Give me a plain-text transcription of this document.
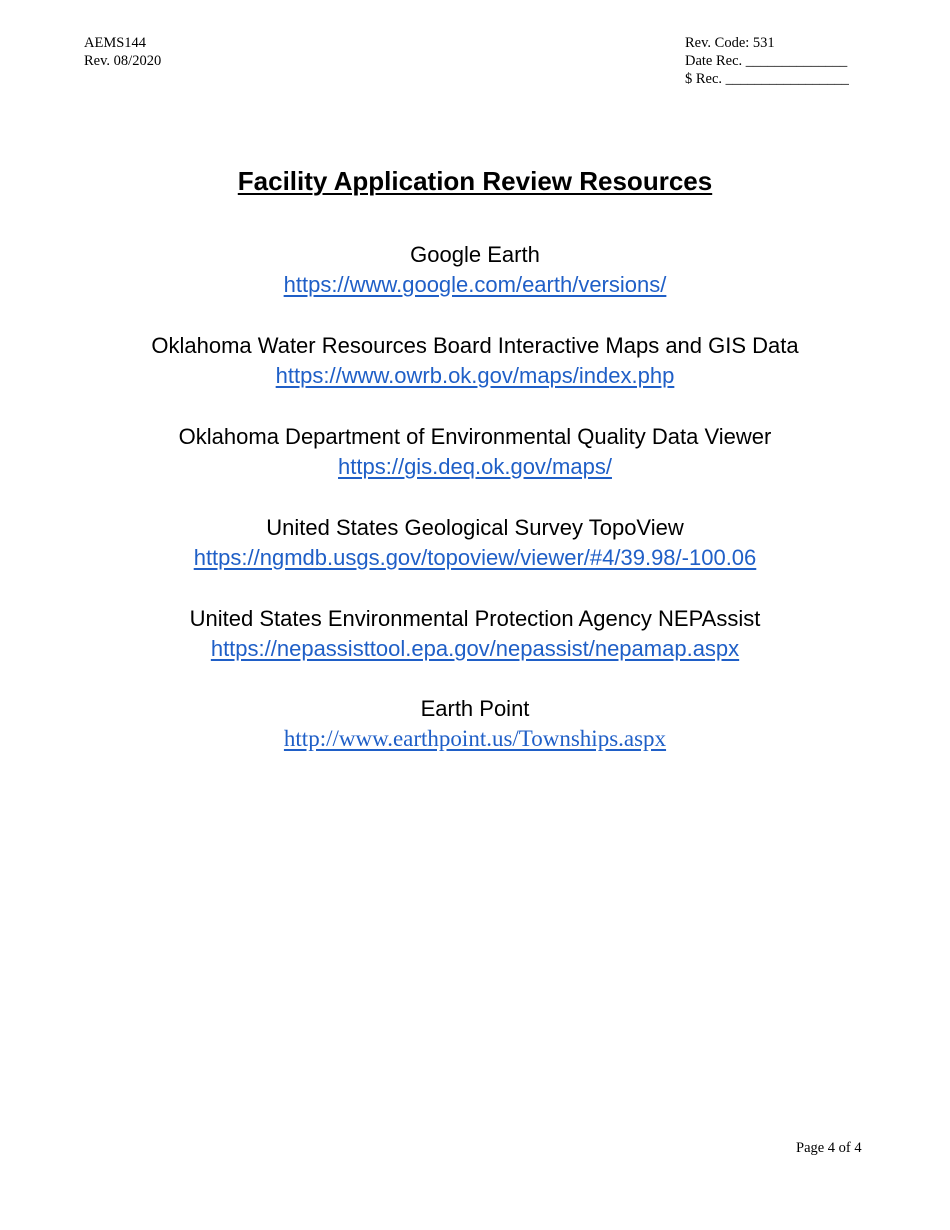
AEMS144
Rev. 08/2020
Rev. Code: 531
Date Rec. ______________
$ Rec. _________________
Facility Application Review Resources
Google Earth
https://www.google.com/earth/versions/
Oklahoma Water Resources Board Interactive Maps and GIS Data
https://www.owrb.ok.gov/maps/index.php
Oklahoma Department of Environmental Quality Data Viewer
https://gis.deq.ok.gov/maps/
United States Geological Survey TopoView
https://ngmdb.usgs.gov/topoview/viewer/#4/39.98/-100.06
United States Environmental Protection Agency NEPAssist
https://nepassisttool.epa.gov/nepassist/nepamap.aspx
Earth Point
http://www.earthpoint.us/Townships.aspx
Page 4 of 4
